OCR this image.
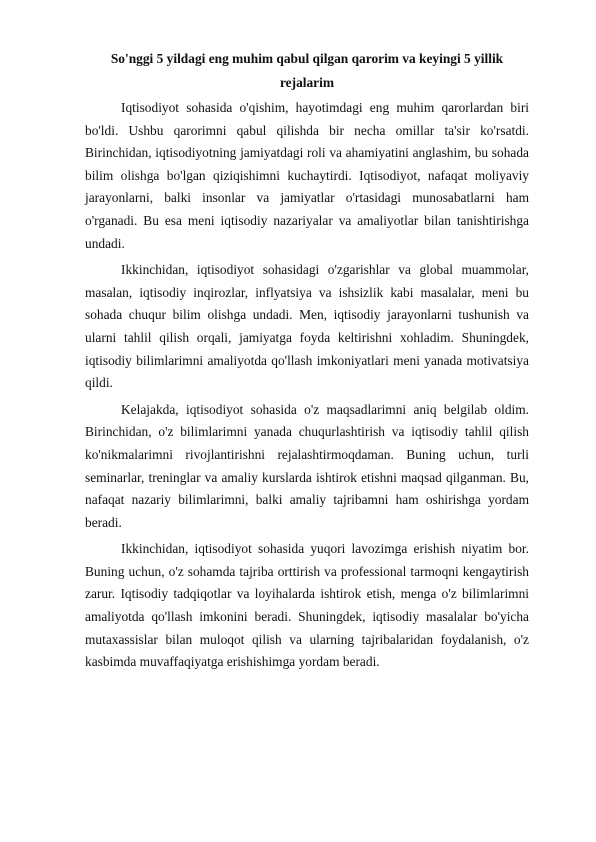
So'nggi 5 yildagi eng muhim qabul qilgan qarorim va keyingi 5 yillik
rejalarim

Iqtisodiyot sohasida o'qishim, hayotimdagi eng muhim qarorlardan biri bo'ldi. Ushbu qarorimni qabul qilishda bir necha omillar ta'sir ko'rsatdi. Birinchidan, iqtisodiyotning jamiyatdagi roli va ahamiyatini anglashim, bu sohada bilim olishga bo'lgan qiziqishimni kuchaytirdi. Iqtisodiyot, nafaqat moliyaviy jarayonlarni, balki insonlar va jamiyatlar o'rtasidagi munosabatlarni ham o'rganadi. Bu esa meni iqtisodiy nazariyalar va amaliyotlar bilan tanishtirishga undadi.

Ikkinchidan, iqtisodiyot sohasidagi o'zgarishlar va global muammolar, masalan, iqtisodiy inqirozlar, inflyatsiya va ishsizlik kabi masalalar, meni bu sohada chuqur bilim olishga undadi. Men, iqtisodiy jarayonlarni tushunish va ularni tahlil qilish orqali, jamiyatga foyda keltirishni xohladim. Shuningdek, iqtisodiy bilimlarimni amaliyotda qo'llash imkoniyatlari meni yanada motivatsiya qildi.

Kelajakda, iqtisodiyot sohasida o'z maqsadlarimni aniq belgilab oldim. Birinchidan, o'z bilimlarimni yanada chuqurlashtirish va iqtisodiy tahlil qilish ko'nikmalarimni rivojlantirishni rejalashtirmoqdaman. Buning uchun, turli seminarlar, treninglar va amaliy kurslarda ishtirok etishni maqsad qilganman. Bu, nafaqat nazariy bilimlarimni, balki amaliy tajribamni ham oshirishga yordam beradi.

Ikkinchidan, iqtisodiyot sohasida yuqori lavozimga erishish niyatim bor. Buning uchun, o'z sohamda tajriba orttirish va professional tarmoqni kengaytirish zarur. Iqtisodiy tadqiqotlar va loyihalarda ishtirok etish, menga o'z bilimlarimni amaliyotda qo'llash imkonini beradi. Shuningdek, iqtisodiy masalalar bo'yicha mutaxassislar bilan muloqot qilish va ularning tajribalaridan foydalanish, o'z kasbimda muvaffaqiyatga erishishimga yordam beradi.
